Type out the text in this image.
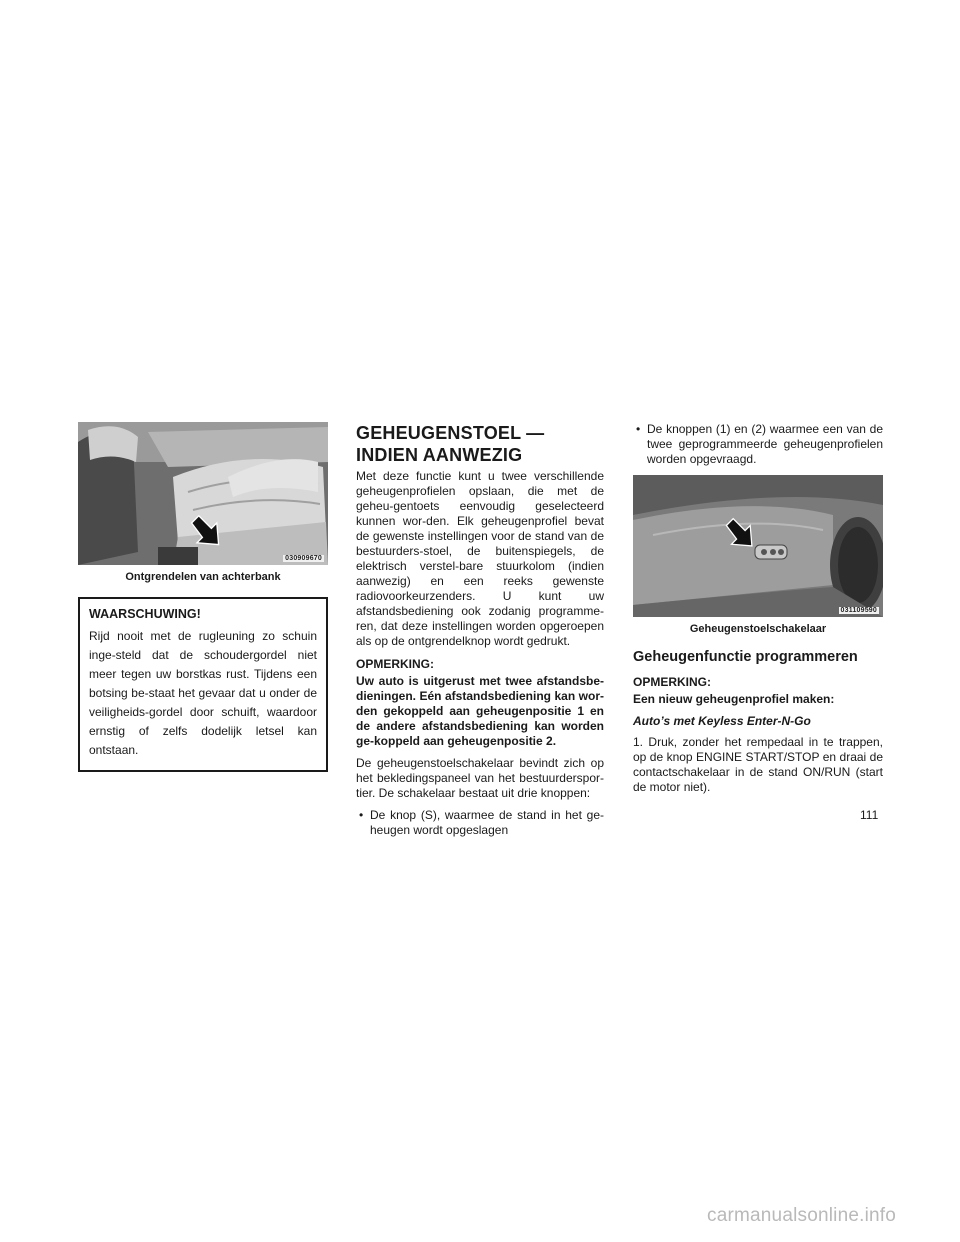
030909670
Ontgrendelen van achterbank
WAARSCHUWING!

Rijd nooit met de rugleuning zo schuin inge-steld dat de schoudergordel niet meer tegen uw borstkas rust. Tijdens een botsing be-staat het gevaar dat u onder de veiligheids-gordel door schuift, waardoor ernstig of zelfs dodelijk letsel kan ontstaan.

GEHEUGENSTOEL — INDIEN AANWEZIG

Met deze functie kunt u twee verschillende geheugenprofielen opslaan, die met de geheu-gentoets eenvoudig geselecteerd kunnen wor-den. Elk geheugenprofiel bevat de gewenste instellingen voor de stand van de bestuurders-stoel, de buitenspiegels, de elektrisch verstel-bare stuurkolom (indien aanwezig) en een reeks gewenste radiovoorkeurzenders. U kunt uw afstandsbediening ook zodanig programme-ren, dat deze instellingen worden opgeroepen als op de ontgrendelknop wordt gedrukt.

OPMERKING:

Uw auto is uitgerust met twee afstandsbe-dieningen. Eén afstandsbediening kan wor-den gekoppeld aan geheugenpositie 1 en de andere afstandsbediening kan worden ge-koppeld aan geheugenpositie 2.

De geheugenstoelschakelaar bevindt zich op het bekledingspaneel van het bestuurderspor-tier. De schakelaar bestaat uit drie knoppen:

• De knop (S), waarmee de stand in het ge-heugen wordt opgeslagen
• De knoppen (1) en (2) waarmee een van de twee geprogrammeerde geheugenprofielen worden opgevraagd.
031109590
Geheugenstoelschakelaar
Geheugenfunctie programmeren

OPMERKING:

Een nieuw geheugenprofiel maken:

Auto’s met Keyless Enter-N-Go

1. Druk, zonder het rempedaal in te trappen, op de knop ENGINE START/STOP en draai de contactschakelaar in de stand ON/RUN (start de motor niet).

111
carmanualsonline.info
